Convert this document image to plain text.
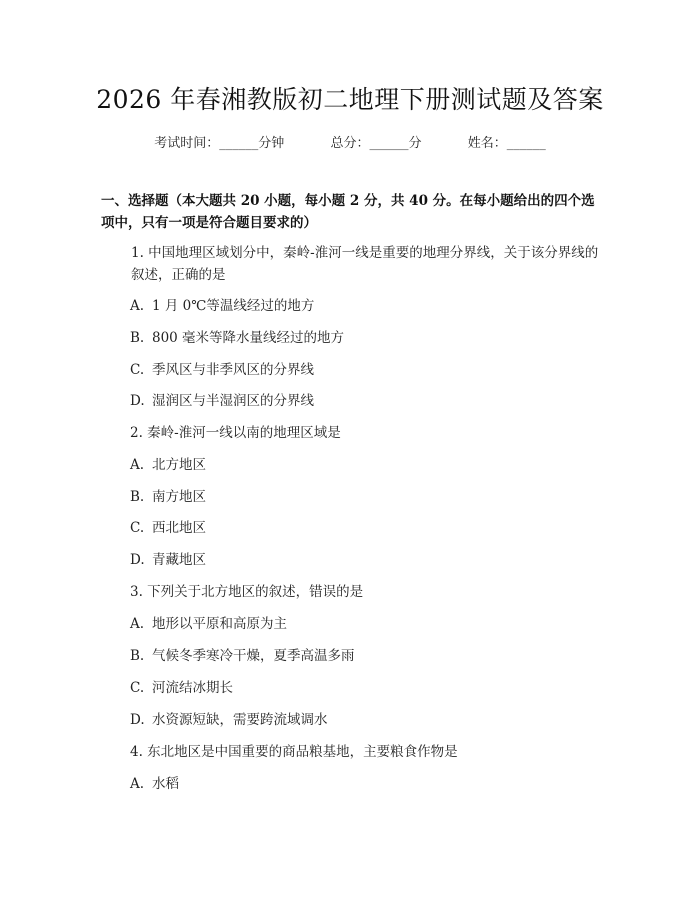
2026 年春湘教版初二地理下册测试题及答案
考试时间：______分钟	总分：______分	姓名：______
一、选择题（本大题共 20 小题，每小题 2 分，共 40 分。在每小题给出的四个选项中，只有一项是符合题目要求的）
1. 中国地理区域划分中，秦岭-淮河一线是重要的地理分界线，关于该分界线的叙述，正确的是
A. 1 月 0℃等温线经过的地方
B. 800 毫米等降水量线经过的地方
C. 季风区与非季风区的分界线
D. 湿润区与半湿润区的分界线
2. 秦岭-淮河一线以南的地理区域是
A. 北方地区
B. 南方地区
C. 西北地区
D. 青藏地区
3. 下列关于北方地区的叙述，错误的是
A. 地形以平原和高原为主
B. 气候冬季寒冷干燥，夏季高温多雨
C. 河流结冰期长
D. 水资源短缺，需要跨流域调水
4. 东北地区是中国重要的商品粮基地，主要粮食作物是
A. 水稻
